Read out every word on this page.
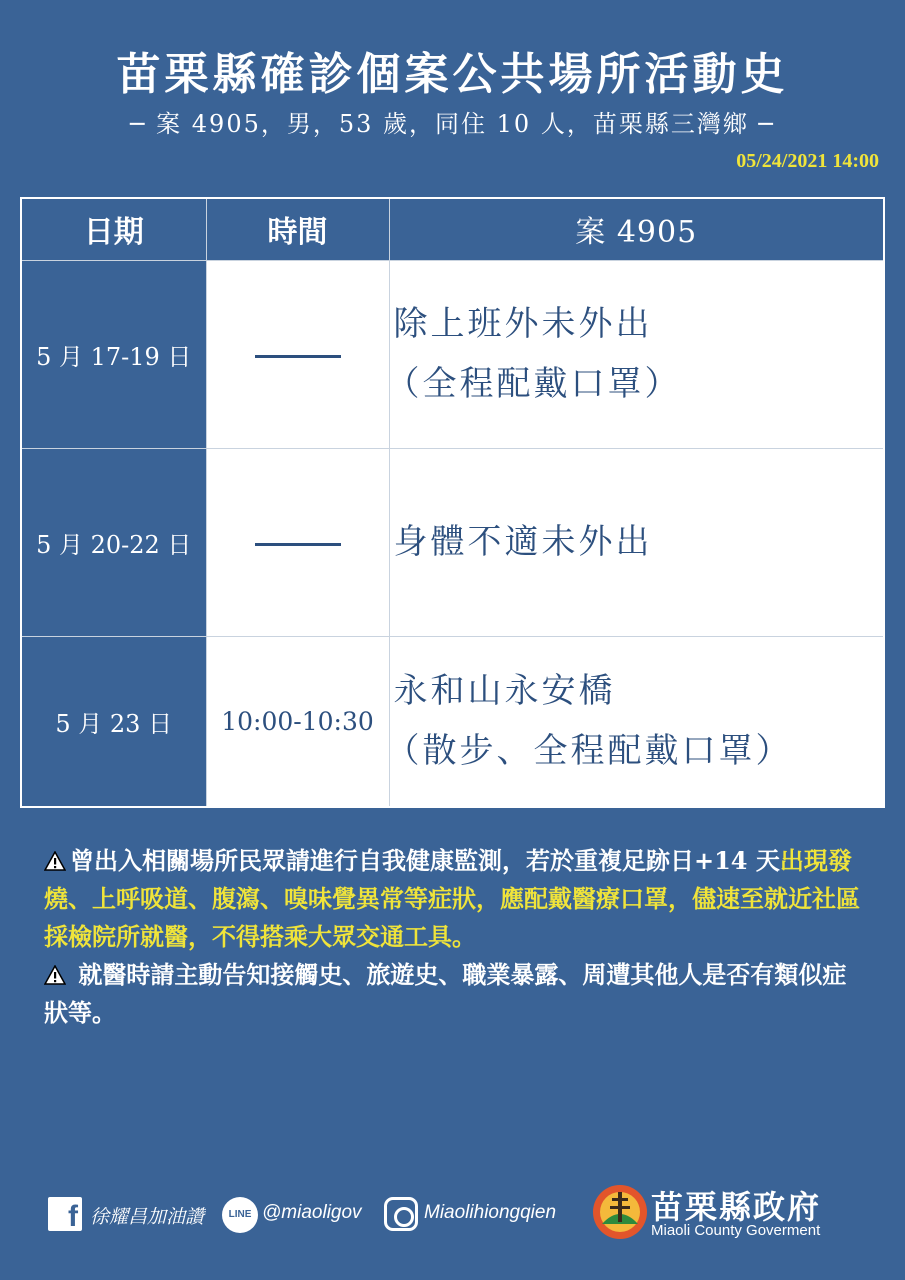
苗栗縣確診個案公共場所活動史
─ 案 4905，男，53 歲，同住 10 人，苗栗縣三灣鄉 ─
05/24/2021 14:00
日期	時間	案 4905
5 月 17-19 日		除上班外未外出
（全程配戴口罩）

5 月 20-22 日		身體不適未外出

5 月 23 日	10:00-10:30	永和山永安橋
（散步、全程配戴口罩）
曾出入相關場所民眾請進行自我健康監測，若於重複足跡日+14 天出現發燒、上呼吸道、腹瀉、嗅味覺異常等症狀，應配戴醫療口罩，儘速至就近社區採檢院所就醫，不得搭乘大眾交通工具。
就醫時請主動告知接觸史、旅遊史、職業暴露、周遭其他人是否有類似症狀等。
f 徐耀昌加油讚	LINE @miaoligov	Miaolihiongqien	苗栗縣政府
Miaoli County Goverment
